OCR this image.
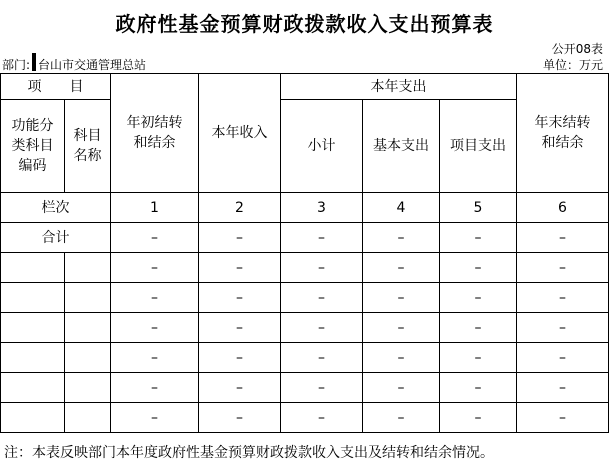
政府性基金预算财政拨款收入支出预算表
公开08表
部门: 台山市交通管理总站	单位：万元
项　　目		年初结转和结余	本年收入	本年支出			年末结转和结余

功能分类科目编码	科目名称			小计	基本支出	项目支出	

栏次		1	2	3	4	5	6
合计		–	–	–	–	–	–
		–	–	–	–	–	–
		–	–	–	–	–	–
		–	–	–	–	–	–
		–	–	–	–	–	–
		–	–	–	–	–	–
		–	–	–	–	–	–
注：本表反映部门本年度政府性基金预算财政拨款收入支出及结转和结余情况。
